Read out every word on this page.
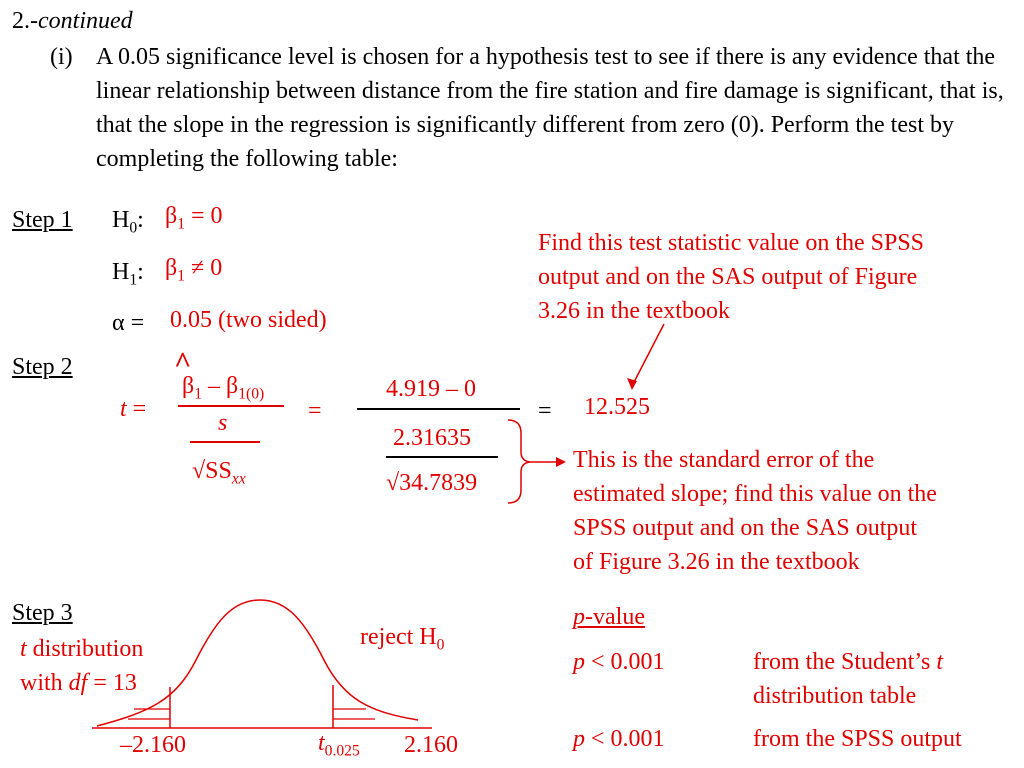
2.-continued
(i) A 0.05 significance level is chosen for a hypothesis test to see if there is any evidence that the linear relationship between distance from the fire station and fire damage is significant, that is, that the slope in the regression is significantly different from zero (0). Perform the test by completing the following table:
Step 1 $H_0$: $\beta_1 = 0$
$H_1$: $\beta_1 \ne 0$
α = 0.05 (two sided)
Find this test statistic value on the SPSS
output and on the SAS output of Figure
3.26 in the textbook
Step 2
t =
^
$\beta_1 - \beta_{1(0)}$
s
$√SS_{xx}$
=
4.919 – 0
2.31635
√34.7839
= 12.525
This is the standard error of the
estimated slope; find this value on the
SPSS output and on the SAS output
of Figure 3.26 in the textbook
Step 3
t distribution
with df = 13
reject $H_0$
–2.160	$t_{0.025}$ 2.160
p-value
p < 0.001	from the Student’s t
distribution table
p < 0.001	from the SPSS output
